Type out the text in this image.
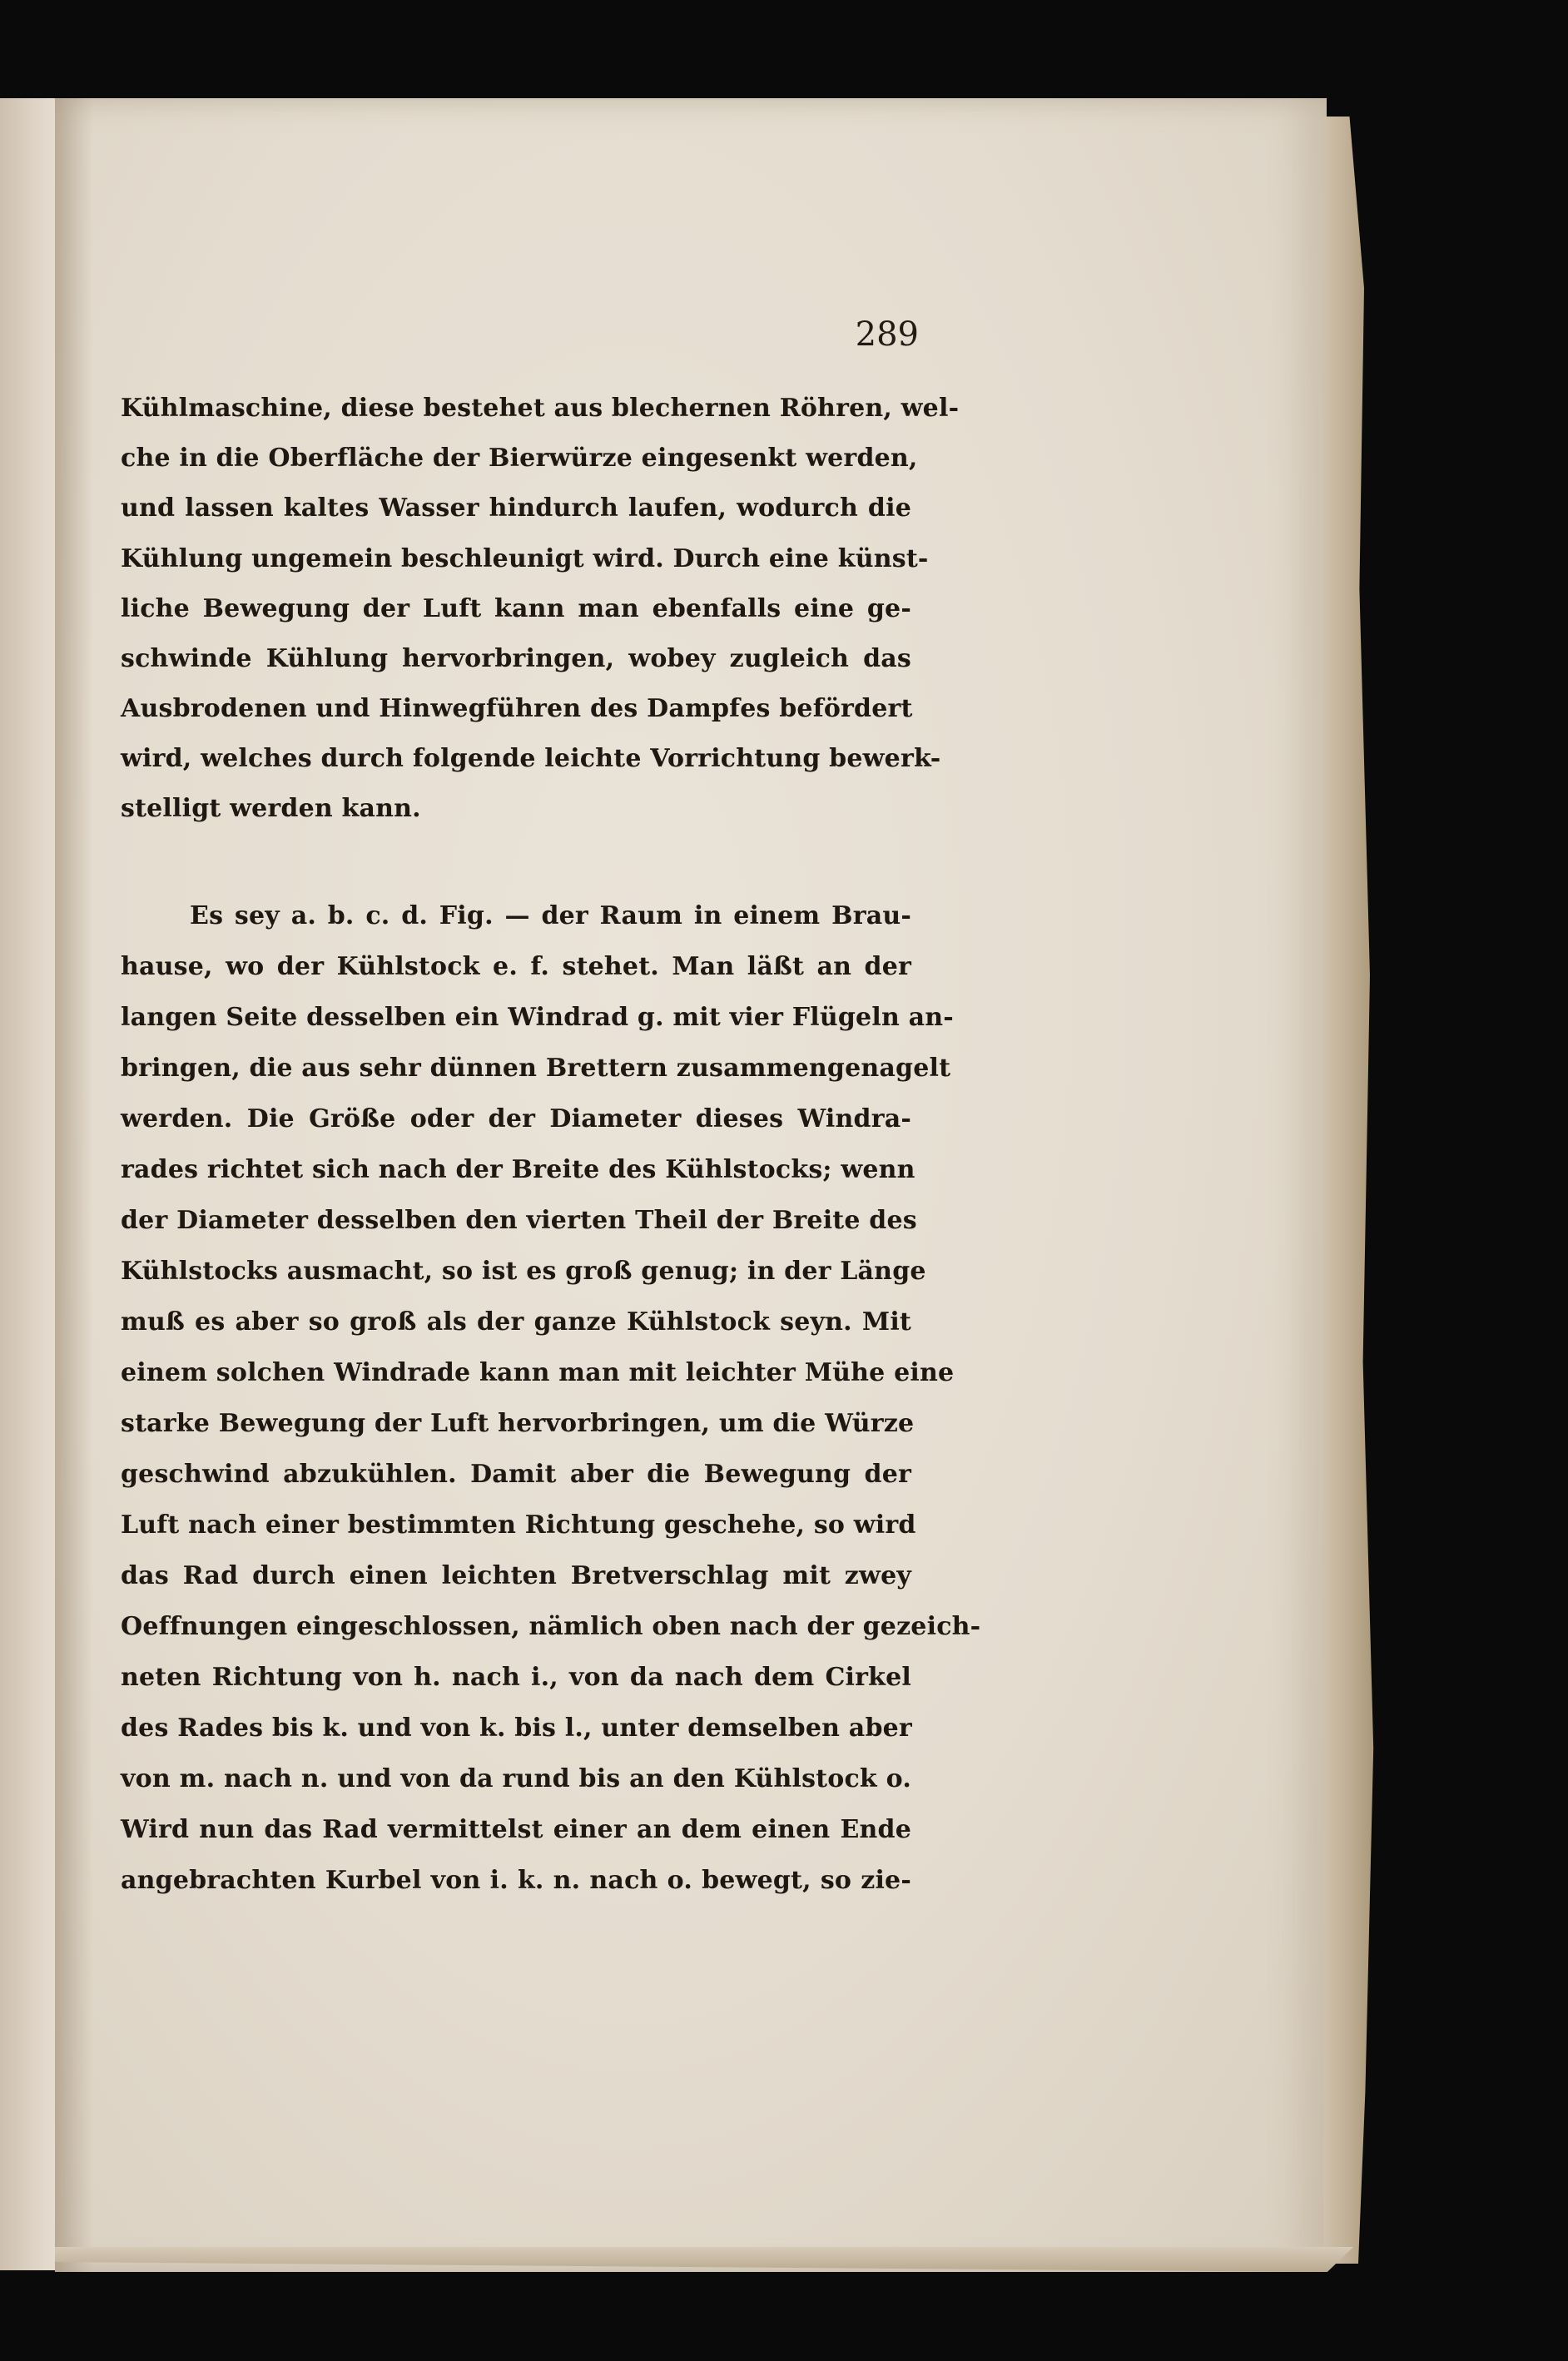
289
Kühlmaschine, diese bestehet aus blechernen Röhren, wel-
che in die Oberfläche der Bierwürze eingesenkt werden,
und lassen kaltes Wasser hindurch laufen, wodurch die
Kühlung ungemein beschleunigt wird. Durch eine künst-
liche Bewegung der Luft kann man ebenfalls eine ge-
schwinde Kühlung hervorbringen, wobey zugleich das
Ausbrodenen und Hinwegführen des Dampfes befördert
wird, welches durch folgende leichte Vorrichtung bewerk-
stelligt werden kann.
Es sey a. b. c. d. Fig. — der Raum in einem Brau-
hause, wo der Kühlstock e. f. stehet. Man läßt an der
langen Seite desselben ein Windrad g. mit vier Flügeln an-
bringen, die aus sehr dünnen Brettern zusammengenagelt
werden. Die Größe oder der Diameter dieses Windra-
rades richtet sich nach der Breite des Kühlstocks; wenn
der Diameter desselben den vierten Theil der Breite des
Kühlstocks ausmacht, so ist es groß genug; in der Länge
muß es aber so groß als der ganze Kühlstock seyn. Mit
einem solchen Windrade kann man mit leichter Mühe eine
starke Bewegung der Luft hervorbringen, um die Würze
geschwind abzukühlen. Damit aber die Bewegung der
Luft nach einer bestimmten Richtung geschehe, so wird
das Rad durch einen leichten Bretverschlag mit zwey
Oeffnungen eingeschlossen, nämlich oben nach der gezeich-
neten Richtung von h. nach i., von da nach dem Cirkel
des Rades bis k. und von k. bis l., unter demselben aber
von m. nach n. und von da rund bis an den Kühlstock o.
Wird nun das Rad vermittelst einer an dem einen Ende
angebrachten Kurbel von i. k. n. nach o. bewegt, so zie-
